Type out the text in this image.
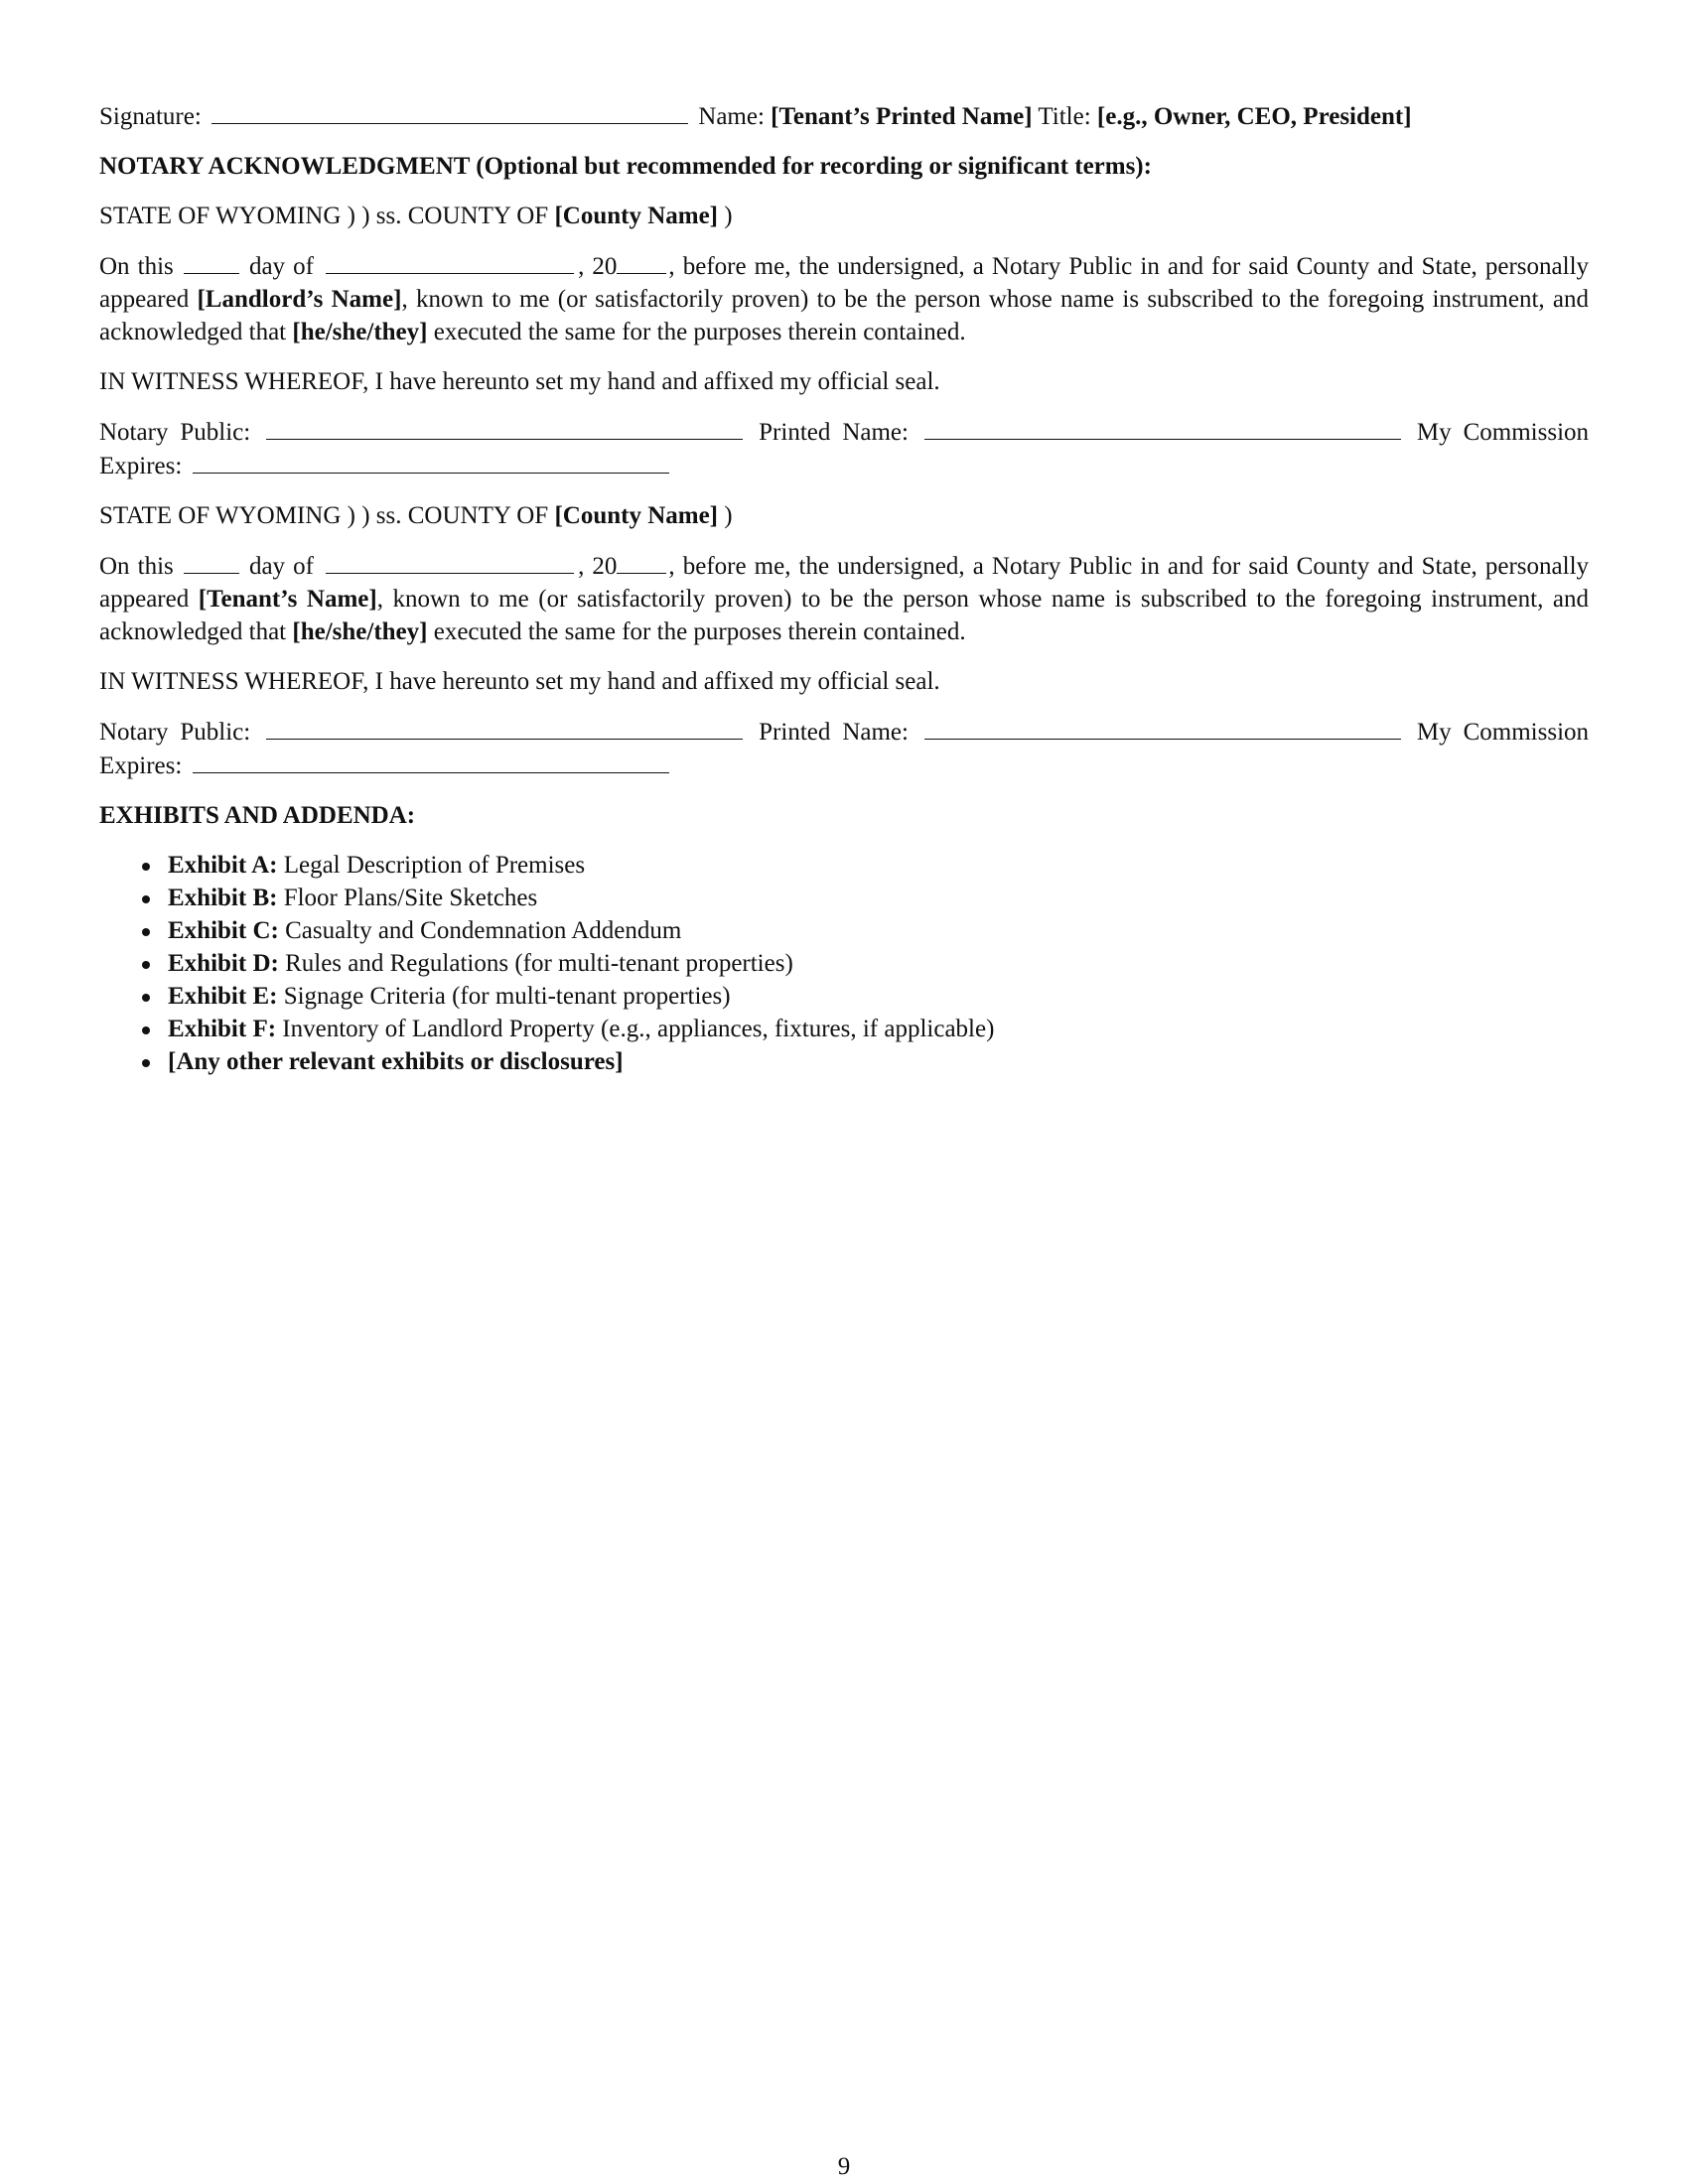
Signature:	Name: [Tenant’s Printed Name] Title: [e.g., Owner, CEO, President]

NOTARY ACKNOWLEDGMENT (Optional but recommended for recording or significant terms):

STATE OF WYOMING ) ) ss. COUNTY OF [County Name] )

On this	day of	, 20 , before me, the undersigned, a Notary Public in and for said County and State, personally appeared [Landlord’s Name], known to me (or satisfactorily proven) to be the person whose name is subscribed to the foregoing instrument, and acknowledged that [he/she/they] executed the same for the purposes therein contained.

IN WITNESS WHEREOF, I have hereunto set my hand and affixed my official seal.

Notary Public:	Printed Name:	My Commission Expires:

STATE OF WYOMING ) ) ss. COUNTY OF [County Name] )

On this	day of	, 20 , before me, the undersigned, a Notary Public in and for said County and State, personally appeared [Tenant’s Name], known to me (or satisfactorily proven) to be the person whose name is subscribed to the foregoing instrument, and acknowledged that [he/she/they] executed the same for the purposes therein contained.

IN WITNESS WHEREOF, I have hereunto set my hand and affixed my official seal.

Notary Public:	Printed Name:	My Commission Expires:

EXHIBITS AND ADDENDA:

Exhibit A: Legal Description of Premises
Exhibit B: Floor Plans/Site Sketches
Exhibit C: Casualty and Condemnation Addendum
Exhibit D: Rules and Regulations (for multi-tenant properties)
Exhibit E: Signage Criteria (for multi-tenant properties)
Exhibit F: Inventory of Landlord Property (e.g., appliances, fixtures, if applicable)
[Any other relevant exhibits or disclosures]
9
